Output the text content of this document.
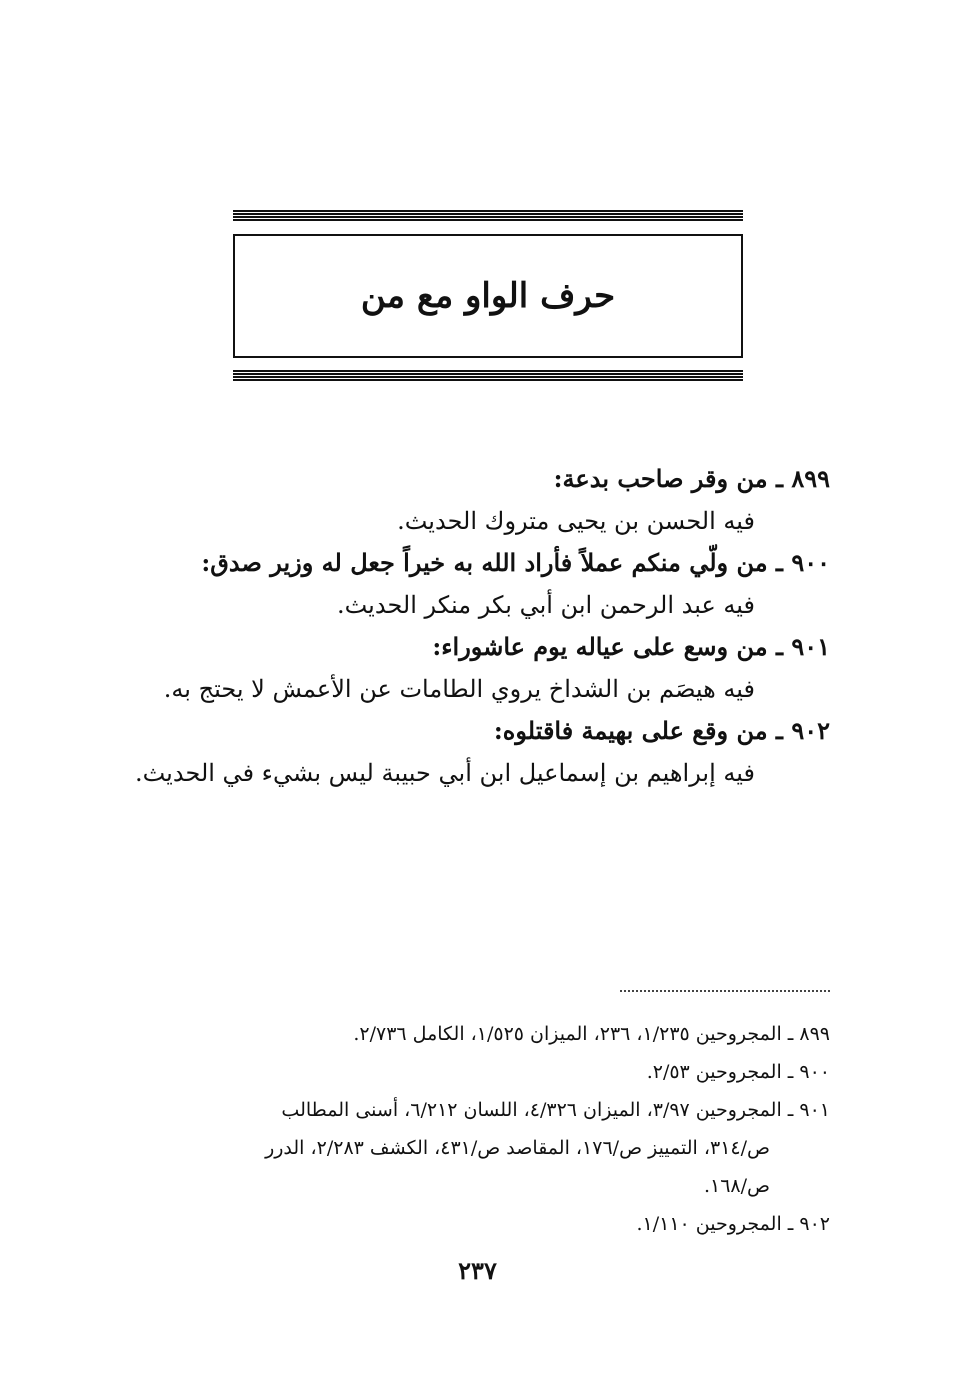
حرف الواو مع من
٨٩٩ ـ من وقر صاحب بدعة:
فيه الحسن بن يحيى متروك الحديث.
٩٠٠ ـ من ولّي منكم عملاً فأراد الله به خيراً جعل له وزير صدق:
فيه عبد الرحمن ابن أبي بكر منكر الحديث.
٩٠١ ـ من وسع على عياله يوم عاشوراء:
فيه هيصَم بن الشداخ يروي الطامات عن الأعمش لا يحتج به.
٩٠٢ ـ من وقع على بهيمة فاقتلوه:
فيه إبراهيم بن إسماعيل ابن أبي حبيبة ليس بشيء في الحديث.
٨٩٩ ـ المجروحين ١/٢٣٥، ٢٣٦، الميزان ١/٥٢٥، الكامل ٢/٧٣٦.
٩٠٠ ـ المجروحين ٢/٥٣.
٩٠١ ـ المجروحين ٣/٩٧، الميزان ٤/٣٢٦، اللسان ٦/٢١٢، أسنى المطالب
ص/٣١٤، التمييز ص/١٧٦، المقاصد ص/٤٣١، الكشف ٢/٢٨٣، الدرر
ص/١٦٨.
٩٠٢ ـ المجروحين ١/١١٠.
٢٣٧
